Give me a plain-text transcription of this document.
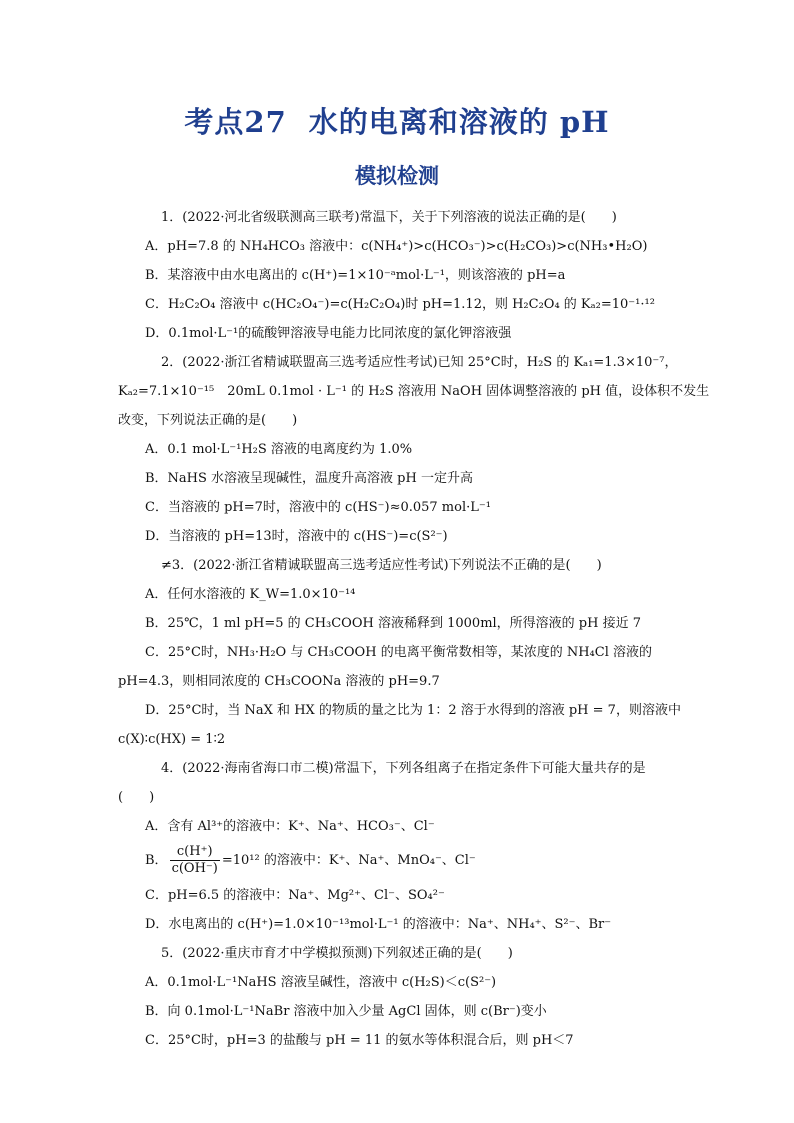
考点27 水的电离和溶液的 pH
模拟检测
1．(2022·河北省级联测高三联考)常温下，关于下列溶液的说法正确的是(　　)
A．pH=7.8 的 NH₄HCO₃ 溶液中：c(NH₄⁺)>c(HCO₃⁻)>c(H₂CO₃)>c(NH₃•H₂O)
B．某溶液中由水电离出的 c(H⁺)=1×10⁻ᵃmol·L⁻¹，则该溶液的 pH=a
C．H₂C₂O₄ 溶液中 c(HC₂O₄⁻)=c(H₂C₂O₄)时 pH=1.12，则 H₂C₂O₄ 的 Kₐ₂=10⁻¹·¹²
D．0.1mol·L⁻¹的硫酸钾溶液导电能力比同浓度的氯化钾溶液强
2．(2022·浙江省精诚联盟高三选考适应性考试)已知 25°C时，H₂S 的 Kₐ₁=1.3×10⁻⁷，
Kₐ₂=7.1×10⁻¹⁵　20mL 0.1mol · L⁻¹ 的 H₂S 溶液用 NaOH 固体调整溶液的 pH 值，设体积不发生
改变，下列说法正确的是(　　)
A．0.1 mol·L⁻¹H₂S 溶液的电离度约为 1.0%
B．NaHS 水溶液呈现碱性，温度升高溶液 pH 一定升高
C．当溶液的 pH=7时，溶液中的 c(HS⁻)≈0.057 mol·L⁻¹
D．当溶液的 pH=13时，溶液中的 c(HS⁻)=c(S²⁻)
≠3．(2022·浙江省精诚联盟高三选考适应性考试)下列说法不正确的是(　　)
A．任何水溶液的 K_W=1.0×10⁻¹⁴
B．25℃，1 ml pH=5 的 CH₃COOH 溶液稀释到 1000ml，所得溶液的 pH 接近 7
C．25°C时，NH₃·H₂O 与 CH₃COOH 的电离平衡常数相等，某浓度的 NH₄Cl 溶液的
pH=4.3，则相同浓度的 CH₃COONa 溶液的 pH=9.7
D．25°C时，当 NaX 和 HX 的物质的量之比为 1：2 溶于水得到的溶液 pH = 7，则溶液中
c(X)∶c(HX) = 1∶2
4．(2022·海南省海口市二模)常温下，下列各组离子在指定条件下可能大量共存的是
(　　)
A．含有 Al³⁺的溶液中：K⁺、Na⁺、HCO₃⁻、Cl⁻
B． $\frac{c(H^+)}{c(OH^-)} =10^{12}$ 的溶液中：K⁺、Na⁺、MnO₄⁻、Cl⁻
C．pH=6.5 的溶液中：Na⁺、Mg²⁺、Cl⁻、SO₄²⁻
D．水电离出的 c(H⁺)=1.0×10⁻¹³mol·L⁻¹ 的溶液中：Na⁺、NH₄⁺、S²⁻、Br⁻
5．(2022·重庆市育才中学模拟预测)下列叙述正确的是(　　)
A．0.1mol·L⁻¹NaHS 溶液呈碱性，溶液中 c(H₂S)＜c(S²⁻)
B．向 0.1mol·L⁻¹NaBr 溶液中加入少量 AgCl 固体，则 c(Br⁻)变小
C．25°C时，pH=3 的盐酸与 pH = 11 的氨水等体积混合后，则 pH＜7
